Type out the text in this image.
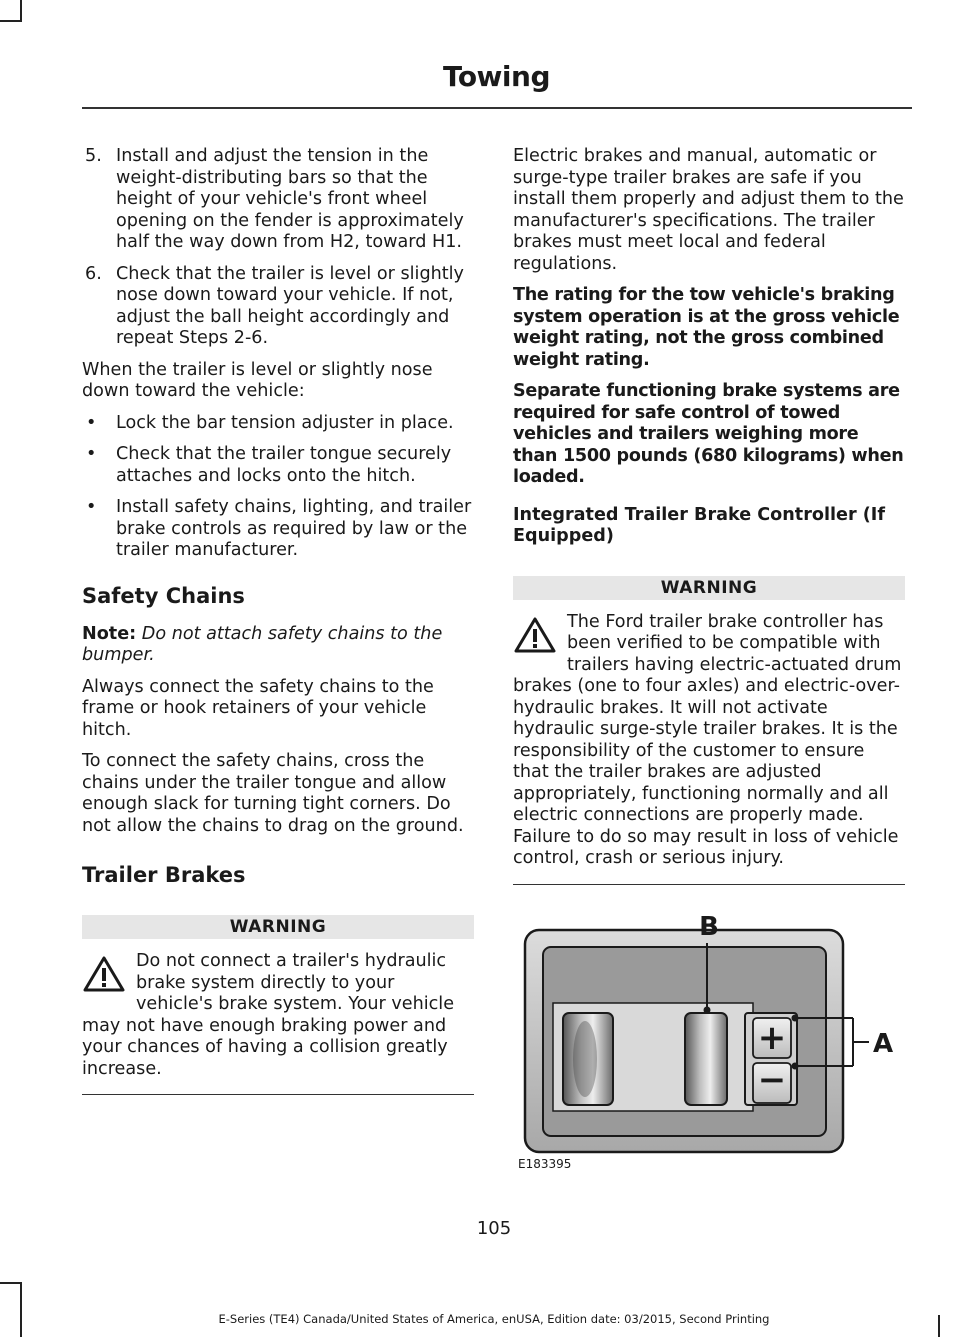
Towing
5. Install and adjust the tension in the weight-distributing bars so that the height of your vehicle's front wheel opening on the fender is approximately half the way down from H2, toward H1.
6. Check that the trailer is level or slightly nose down toward your vehicle. If not, adjust the ball height accordingly and repeat Steps 2-6.

When the trailer is level or slightly nose down toward the vehicle:

• Lock the bar tension adjuster in place.
• Check that the trailer tongue securely attaches and locks onto the hitch.
• Install safety chains, lighting, and trailer brake controls as required by law or the trailer manufacturer.
Safety Chains

Note: Do not attach safety chains to the bumper.

Always connect the safety chains to the frame or hook retainers of your vehicle hitch.

To connect the safety chains, cross the chains under the trailer tongue and allow enough slack for turning tight corners. Do not allow the chains to drag on the ground.

Trailer Brakes
WARNING
Do not connect a trailer's hydraulic brake system directly to your vehicle's brake system. Your vehicle may not have enough braking power and your chances of having a collision greatly increase.

Electric brakes and manual, automatic or surge-type trailer brakes are safe if you install them properly and adjust them to the manufacturer's specifications. The trailer brakes must meet local and federal regulations.

The rating for the tow vehicle's braking system operation is at the gross vehicle weight rating, not the gross combined weight rating.

Separate functioning brake systems are required for safe control of towed vehicles and trailers weighing more than 1500 pounds (680 kilograms) when loaded.

Integrated Trailer Brake Controller (If Equipped)
WARNING
The Ford trailer brake controller has been verified to be compatible with trailers having electric-actuated drum brakes (one to four axles) and electric-over-hydraulic brakes. It will not activate hydraulic surge-style trailer brakes. It is the responsibility of the customer to ensure that the trailer brakes are adjusted appropriately, functioning normally and all electric connections are properly made. Failure to do so may result in loss of vehicle control, crash or serious injury.
+
−
B
A
E183395
105
E-Series (TE4) Canada/United States of America, enUSA, Edition date: 03/2015, Second Printing
